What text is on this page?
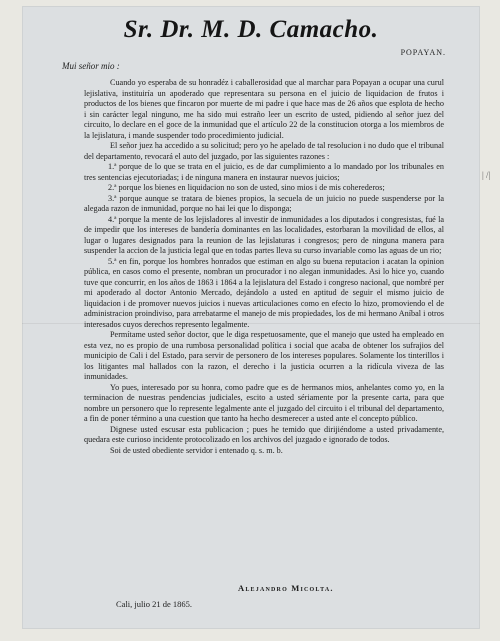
Sr. Dr. M. D. Camacho.
POPAYAN.
Mui señor mio :

Cuando yo esperaba de su honradéz i caballerosidad que al marchar para Popayan a ocupar una curul lejislativa, instituiría un apoderado que representara su persona en el juicio de liquidacion de frutos i productos de los bienes que fincaron por muerte de mi padre i que hace mas de 26 años que esplota de hecho i sin carácter legal ninguno, me ha sido mui estraño leer un escrito de usted, pidiendo al señor juez del circuito, lo declare en el goce de la inmunidad que el artículo 22 de la constitucion otorga a los miembros de la lejislatura, i mande suspender todo procedimiento judicial.

El señor juez ha accedido a su solicitud; pero yo he apelado de tal resolucion i no dudo que el tribunal del departamento, revocará el auto del juzgado, por las siguientes razones :

1.ª porque de lo que se trata en el juicio, es de dar cumplimiento a lo mandado por los tribunales en tres sentencias ejecutoriadas; i de ninguna manera en instaurar nuevos juicios;

2.ª porque los bienes en liquidacion no son de usted, sino mios i de mis coherederos;

3.ª porque aunque se tratara de bienes propios, la secuela de un juicio no puede suspenderse por la alegada razon de inmunidad, porque no hai lei que lo disponga;

4.ª porque la mente de los lejisladores al investir de inmunidades a los diputados i congresistas, fué la de impedir que los intereses de bandería dominantes en las localidades, estorbaran la movilidad de ellos, al lugar o lugares designados para la reunion de las lejislaturas i congresos; pero de ninguna manera para suspender la accion de la justicia legal que en todas partes lleva su curso invariable como las aguas de un rio;

5.ª en fin, porque los hombres honrados que estiman en algo su buena reputacion i acatan la opinion pública, en casos como el presente, nombran un procurador i no alegan inmunidades. Asi lo hice yo, cuando tuve que concurrir, en los años de 1863 i 1864 a la lejislatura del Estado i congreso nacional, que nombré per mi apoderado al doctor Antonio Mercado, dejándolo a usted en aptitud de seguir el mismo juicio de liquidacion i de promover nuevos juicios i nuevas articulaciones como en efecto lo hizo, promoviendo el de administracion proindiviso, para arrebatarme el manejo de mis propiedades, los de mi hermano Aníbal i otros interesados cuyos derechos represento legalmente.

Permítame usted señor doctor, que le diga respetuosamente, que el manejo que usted ha empleado en esta vez, no es propio de una rumbosa personalidad política i social que acaba de obtener los sufrajios del municipio de Cali i del Estado, para servir de personero de los intereses populares. Solamente los tinterillos i los litigantes mal hallados con la razon, el derecho i la justicia ocurren a la ridícula viveza de las inmunidades.

Yo pues, interesado por su honra, como padre que es de hermanos mios, anhelantes como yo, en la terminacion de nuestras pendencias judiciales, escito a usted sériamente por la presente carta, para que nombre un personero que lo represente legalmente ante el juzgado del circuito i el tribunal del departamento, a fin de poner término a una cuestion que tanto ha hecho desmerecer a usted ante el concepto público.

Dignese usted escusar esta publicacion ; pues he temido que dirijiéndome a usted privadamente, quedara este curioso incidente protocolizado en los archivos del juzgado e ignorado de todos.

Soi de usted obediente servidor i entenado q. s. m. b.

Alejandro Micolta.
Cali, julio 21 de 1865.
| /|
